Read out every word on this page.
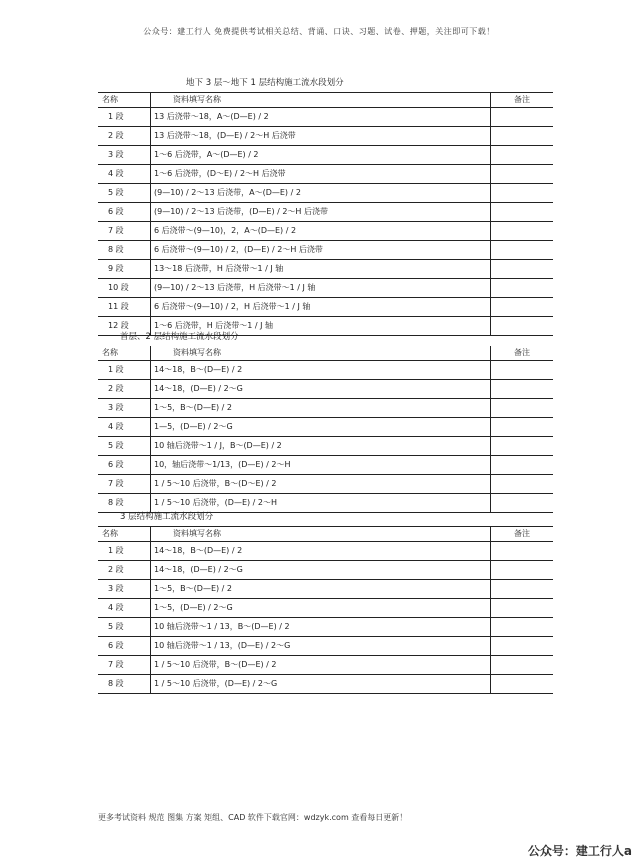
公众号：建工行人 免费提供考试相关总结、背诵、口诀、习题、试卷、押题，关注即可下载！
地下 3 层～地下 1 层结构施工流水段划分
名称	资料填写名称	备注
1 段	13 后浇带～18，A～(D—E) / 2	
2 段	13 后浇带～18，(D—E) / 2～H 后浇带	
3 段	1～6 后浇带，A～(D—E) / 2	
4 段	1～6 后浇带，(D～E) / 2～H 后浇带	
5 段	(9—10) / 2～13 后浇带，A～(D—E) / 2	
6 段	(9—10) / 2～13 后浇带，(D—E) / 2～H 后浇带	
7 段	6 后浇带～(9—10)，2，A～(D—E) / 2	
8 段	6 后浇带～(9—10) / 2，(D—E) / 2～H 后浇带	
9 段	13～18 后浇带，H 后浇带～1 / J 轴	
10 段	(9—10) / 2～13 后浇带，H 后浇带～1 / J 轴	
11 段	6 后浇带～(9—10) / 2，H 后浇带～1 / J 轴	
12 段	1～6 后浇带，H 后浇带～1 / J 轴	
首层、2 层结构施工流水段划分
名称	资料填写名称	备注
1 段	14～18，B～(D—E) / 2	
2 段	14～18，(D—E) / 2～G	
3 段	1～5，B～(D—E) / 2	
4 段	1—5，(D—E) / 2～G	
5 段	10 轴后浇带～1 / J，B～(D—E) / 2	
6 段	10，轴后浇带～1/13，(D—E) / 2～H	
7 段	1 / 5～10 后浇带，B～(D～E) / 2	
8 段	1 / 5～10 后浇带，(D—E) / 2～H	
3 层结构施工流水段划分
名称	资料填写名称	备注
1 段	14～18，B～(D—E) / 2	
2 段	14～18，(D—E) / 2～G	
3 段	1～5，B～(D—E) / 2	
4 段	1～5，(D—E) / 2～G	
5 段	10 轴后浇带～1 / 13，B～(D—E) / 2	
6 段	10 轴后浇带～1 / 13，(D—E) / 2～G	
7 段	1 / 5～10 后浇带，B～(D—E) / 2	
8 段	1 / 5～10 后浇带，(D—E) / 2～G	
更多考试资料 规范 图集 方案 矩组、CAD 软件下载官网：wdzyk.com 查看每日更新！
公众号：建工行人a
